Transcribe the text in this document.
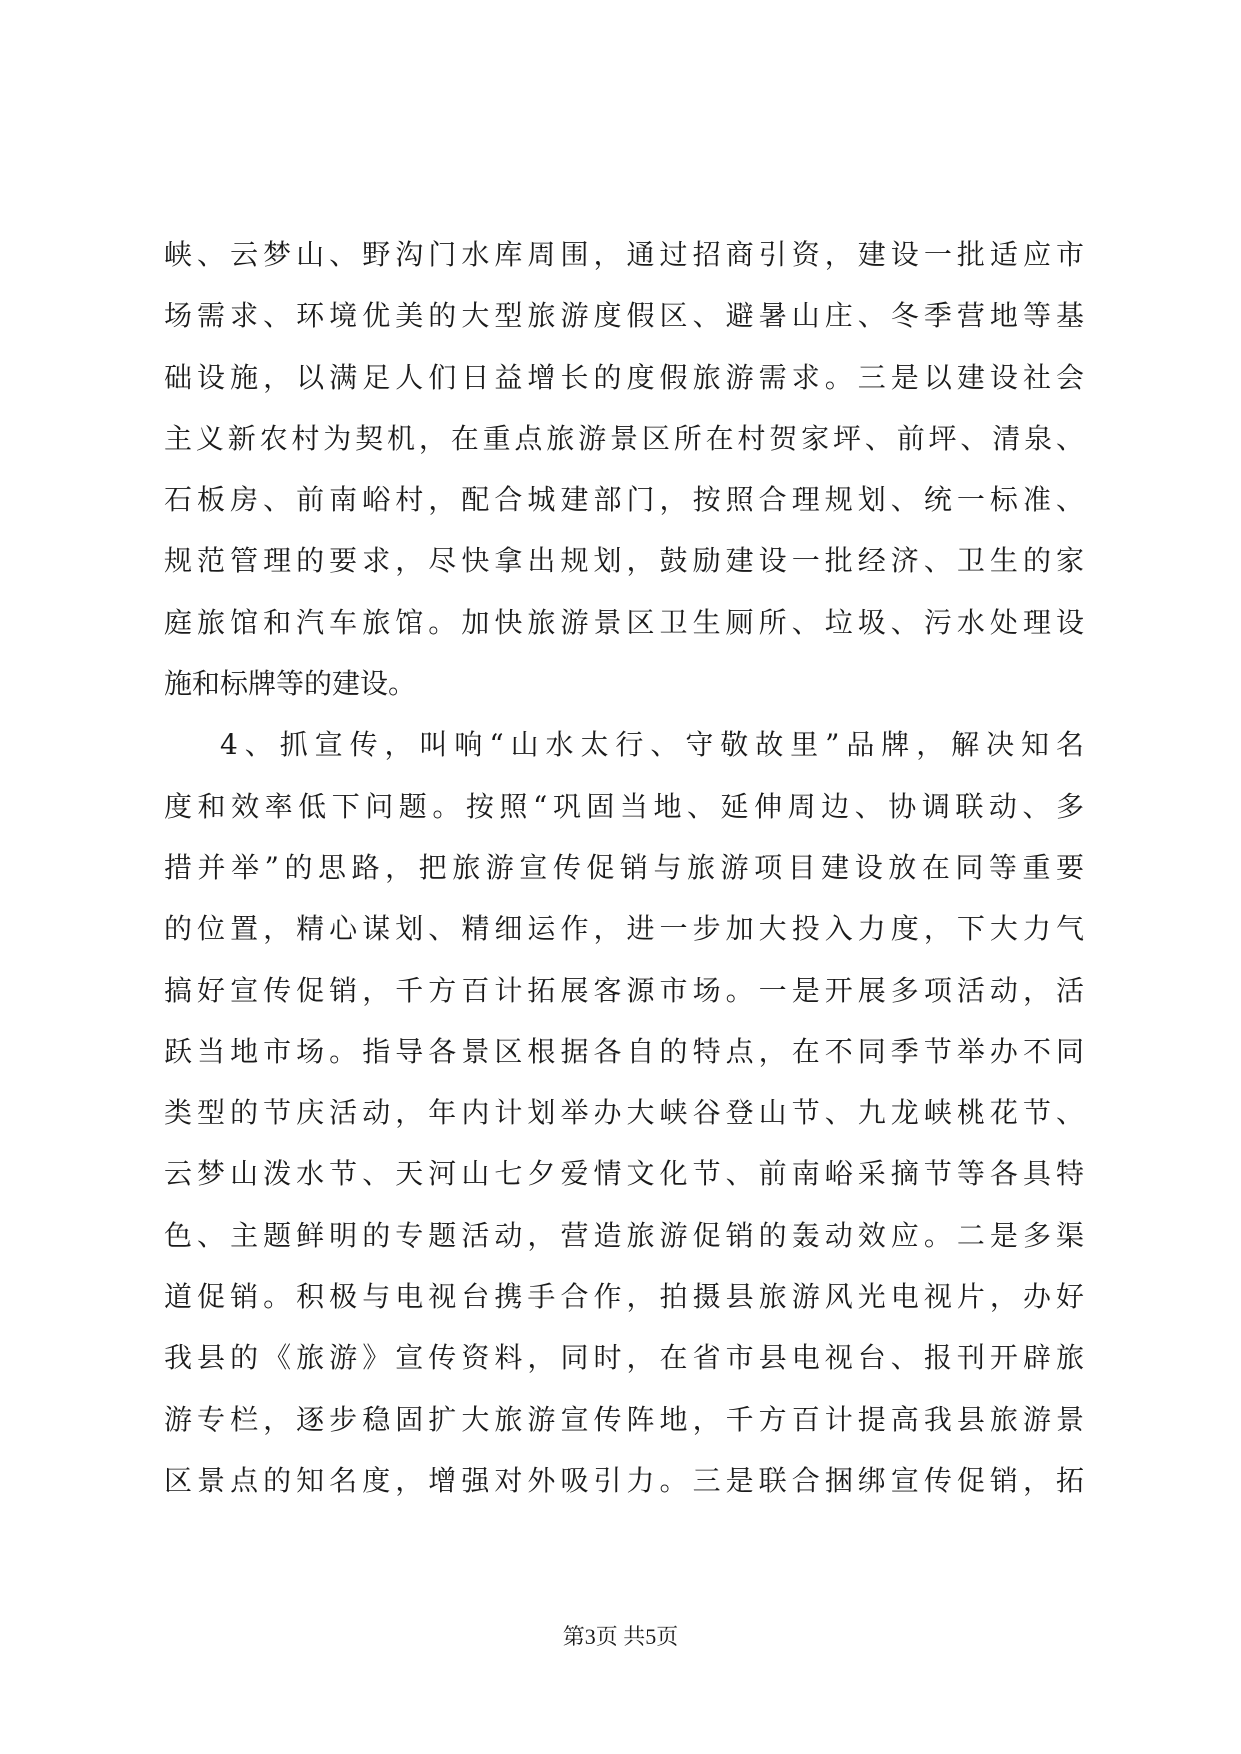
峡、云梦山、野沟门水库周围，通过招商引资，建设一批适应市
场需求、环境优美的大型旅游度假区、避暑山庄、冬季营地等基
础设施，以满足人们日益增长的度假旅游需求。三是以建设社会
主义新农村为契机，在重点旅游景区所在村贺家坪、前坪、清泉、
石板房、前南峪村，配合城建部门，按照合理规划、统一标准、
规范管理的要求，尽快拿出规划，鼓励建设一批经济、卫生的家
庭旅馆和汽车旅馆。加快旅游景区卫生厕所、垃圾、污水处理设
施和标牌等的建设。
4、抓宣传，叫响“山水太行、守敬故里”品牌，解决知名
度和效率低下问题。按照“巩固当地、延伸周边、协调联动、多
措并举”的思路，把旅游宣传促销与旅游项目建设放在同等重要
的位置，精心谋划、精细运作，进一步加大投入力度，下大力气
搞好宣传促销，千方百计拓展客源市场。一是开展多项活动，活
跃当地市场。指导各景区根据各自的特点，在不同季节举办不同
类型的节庆活动，年内计划举办大峡谷登山节、九龙峡桃花节、
云梦山泼水节、天河山七夕爱情文化节、前南峪采摘节等各具特
色、主题鲜明的专题活动，营造旅游促销的轰动效应。二是多渠
道促销。积极与电视台携手合作，拍摄县旅游风光电视片，办好
我县的《旅游》宣传资料，同时，在省市县电视台、报刊开辟旅
游专栏，逐步稳固扩大旅游宣传阵地，千方百计提高我县旅游景
区景点的知名度，增强对外吸引力。三是联合捆绑宣传促销，拓
第3页 共5页
